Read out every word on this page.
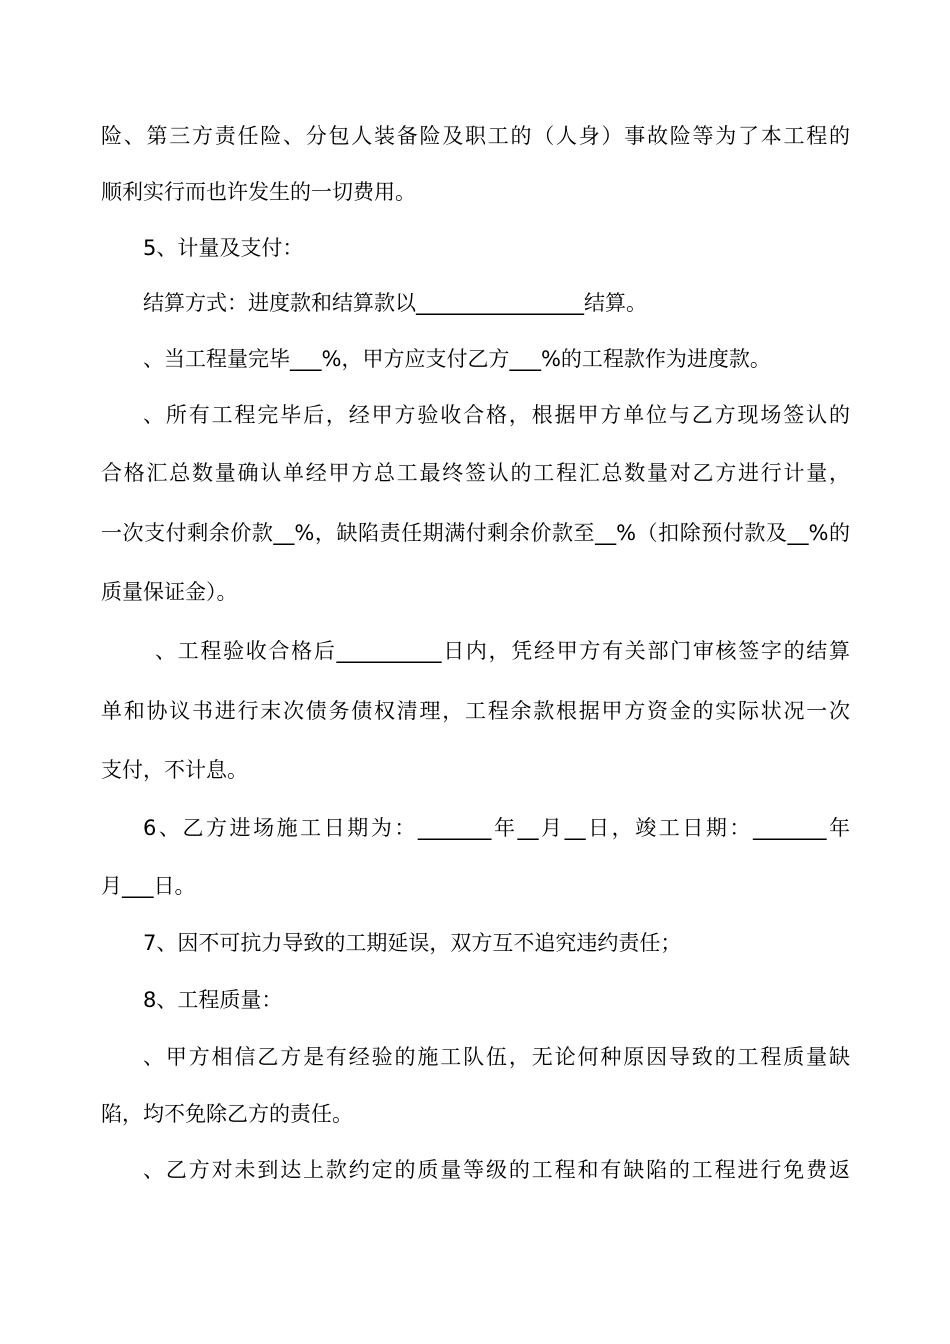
险、第三方责任险、分包人装备险及职工的（人身）事故险等为了本工程的
顺利实行而也许发生的一切费用。
5、计量及支付：
结算方式：进度款和结算款以________________结算。
、当工程量完毕___%，甲方应支付乙方___%的工程款作为进度款。
、所有工程完毕后，经甲方验收合格，根据甲方单位与乙方现场签认的
合格汇总数量确认单经甲方总工最终签认的工程汇总数量对乙方进行计量，
一次支付剩余价款__%，缺陷责任期满付剩余价款至__%（扣除预付款及__%的
质量保证金）。
、工程验收合格后__________日内，凭经甲方有关部门审核签字的结算
单和协议书进行末次债务债权清理，工程余款根据甲方资金的实际状况一次
支付，不计息。
6、乙方进场施工日期为：_______年__月__日，竣工日期：_______年
月___日。
7、因不可抗力导致的工期延误，双方互不追究违约责任；
8、工程质量：
、甲方相信乙方是有经验的施工队伍，无论何种原因导致的工程质量缺
陷，均不免除乙方的责任。
、乙方对未到达上款约定的质量等级的工程和有缺陷的工程进行免费返
